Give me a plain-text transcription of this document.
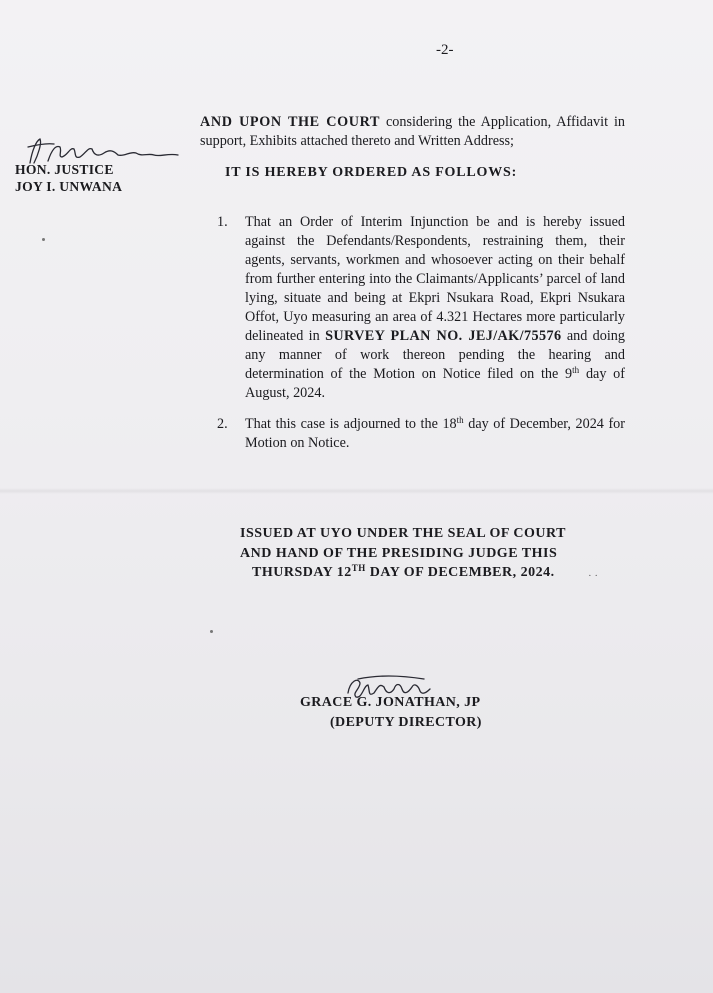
-2-
AND UPON THE COURT considering the Application, Affidavit in support, Exhibits attached thereto and Written Address;
HON. JUSTICE
JOY I. UNWANA
IT IS HEREBY ORDERED AS FOLLOWS:
1. That an Order of Interim Injunction be and is hereby issued against the Defendants/Respondents, restraining them, their agents, servants, workmen and whosoever acting on their behalf from further entering into the Claimants/Applicants’ parcel of land lying, situate and being at Ekpri Nsukara Road, Ekpri Nsukara Offot, Uyo measuring an area of 4.321 Hectares more particularly delineated in SURVEY PLAN NO. JEJ/AK/75576 and doing any manner of work thereon pending the hearing and determination of the Motion on Notice filed on the 9th day of August, 2024.
2. That this case is adjourned to the 18th day of December, 2024 for Motion on Notice.
ISSUED AT UYO UNDER THE SEAL OF COURT
AND HAND OF THE PRESIDING JUDGE THIS
THURSDAY 12TH DAY OF DECEMBER, 2024.	· ·
GRACE G. JONATHAN, JP
(DEPUTY DIRECTOR)
